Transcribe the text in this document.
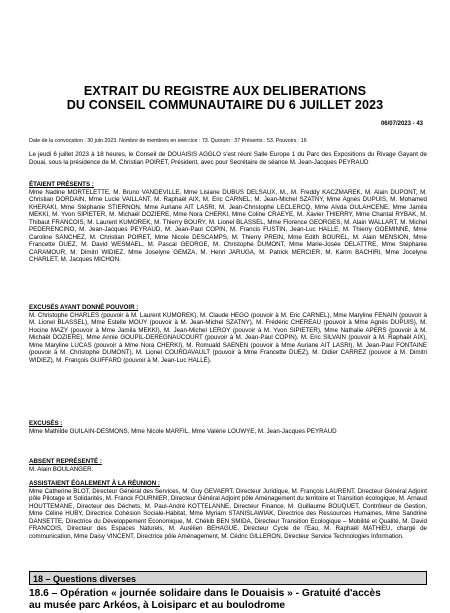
EXTRAIT DU REGISTRE AUX DELIBERATIONS
DU CONSEIL COMMUNAUTAIRE DU 6 JUILLET 2023
06/07/2023 - 43
Date de la convocation : 30 juin 2023. Nombre de membres en exercice : 73. Quorum : 37 Présents : 53. Pouvoirs : 16

Le jeudi 6 juillet 2023 à 18 heures, le Conseil de DOUAISIS AGGLO s'est réuni Salle Europe 1 du Parc des Expositions du Rivage Gayant de Douai, sous la présidence de M. Christian POIRET, Président, avec pour Secrétaire de séance M. Jean-Jacques PEYRAUD

ÉTAIENT PRÉSENTS :

Mme Nadine MORTELETTE, M. Bruno VANDEVILLE, Mme Lisiane DUBUS DELSAUX, M., M. Freddy KACZMAREK, M. Alain DUPONT, M. Christian DORDAIN, Mme Lucie VAILLANT, M. Raphaël AIX, M. Eric CARNEL, M. Jean-Michel SZATNY, Mme Agnès DUPUIS, M. Mohamed KHERAKI, Mme Stéphanie STIERNON, Mme Auriane AIT LASRI, M. Jean-Christophe LECLERCQ, Mme Aïvda OULAHCENE, Mme Jamila MEKKI, M. Yvon SIPIETER, M. Michaël DOZIERE, Mme Nora CHERKI, Mme Coline CRAEYE, M. Xavier THIERRY, Mme Chantal RYBAK, M. Thibaut FRANCOIS, M. Laurent KUMOREK, M. Thierry BOURY, M. Lionel BLASSEL, Mme Florence GEORGES, M. Alain WALLART, M. Michel PEDERENCINO, M. Jean-Jacques PEYRAUD, M. Jean-Paul COPIN, M. Francis FUSTIN, Jean-Luc HALLE, M. Thierry GOEMINNE, Mme Caroline SANCHEZ, M. Christian POIRET, Mme Nicole DESCAMPS, M. Thierry PREIN, Mme Edith BOUREL, M. Alain MENSION, Mme Francette DUEZ, M. David WESMAEL, M. Pascal GEORGE, M. Christophe DUMONT, Mme Marie-Josée DELATTRE, Mme Stéphanie CARAMOUR, M. Dimitri WIDIEZ, Mme Joselyne GEMZA, M. Henri JARUGA, M. Patrick MERCIER, M. Karim BACHIRI, Mme Jocelyne CHARLET, M. Jacques MICHON.

EXCUSÉS AYANT DONNÉ POUVOIR :

M. Christophe CHARLES (pouvoir à M. Laurent KUMOREK), M. Claude HEGO (pouvoir à M. Eric CARNEL), Mme Maryline FENAIN (pouvoir à M. Lionel BLASSEL), Mme Estelle MOUY (pouvoir à M. Jean-Michel SZATNY), M. Frédéric CHEREAU (pouvoir à Mme Agnès DUPUIS), M. Hocine MAZY (pouvoir à Mme Jamila MEKKI), M. Jean-Michel LEROY (pouvoir à M. Yvon SIPIETER), Mme Nathalie APERS (pouvoir à M. Michaël DOZIERE), Mme Annie GOUPIL-DEREGNAUCOURT (pouvoir à M. Jean-Paul COPIN), M. Eric SILVAIN (pouvoir à M. Raphaël AIX), Mme Maryline LUCAS (pouvoir à Mme Nora CHERKI), M. Romuald SAENEN (pouvoir à Mme Auriane AIT LASRI), M. Jean-Paul FONTAINE (pouvoir à M. Christophe DUMONT), M. Lionel COURDAVAULT (pouvoir à Mme Francette DUEZ), M. Didier CARREZ (pouvoir à M. Dimitri WIDIEZ), M. François GUIFFARD (pouvoir à M. Jean-Luc HALLÉ).

EXCUSÉS :

Mme Mathilde GUILAIN-DESMONS, Mme Nicole MARFIL, Mme Valérie LOUWYE, M. Jean-Jacques PEYRAUD

ABSENT REPRÉSENTÉ :

M. Alain BOULANGER.

ASSISTAIENT ÉGALEMENT À LA RÉUNION :

Mme Catherine BLOT, Directeur Général des Services, M. Guy GEVAERT, Directeur Juridique, M. François LAURENT, Directeur Général Adjoint pôle Pilotage et Solidarités, M. Franck FOURNIER, Directeur Général Adjoint pôle Aménagement du territoire et Transition écologique, M. Arnaud HOUTTEMANE, Directeur des Déchets, M. Paul-André KOTTELANNE, Directeur Finance, M. Guillaume BOUQUET, Contrôleur de Gestion, Mme Céline HUBY, Directrice Cohésion Sociale-Habitat, Mme Myriam STANISLAWIAK, Directrice des Ressources Humaines, Mme Sandrine DANSETTE, Directrice du Développement Economique, M. Chékib BEN SMIDA, Directeur Transition Ecologique – Mobilité et Qualité, M. David FRANCOIS, Directeur des Espaces Naturels, M. Aurélien BEHAGUE, Directeur Cycle de l'Eau, M. Raphaël MATHIEU, chargé de communication, Mme Daisy VINCENT, Directrice pôle Aménagement, M. Cédric GILLERON, Directeur Service Technologies Information.

18 – Questions diverses
18.6 – Opération « journée solidaire dans le Douaisis » - Gratuité d'accès
au musée parc Arkéos, à Loisiparc et au boulodrome
